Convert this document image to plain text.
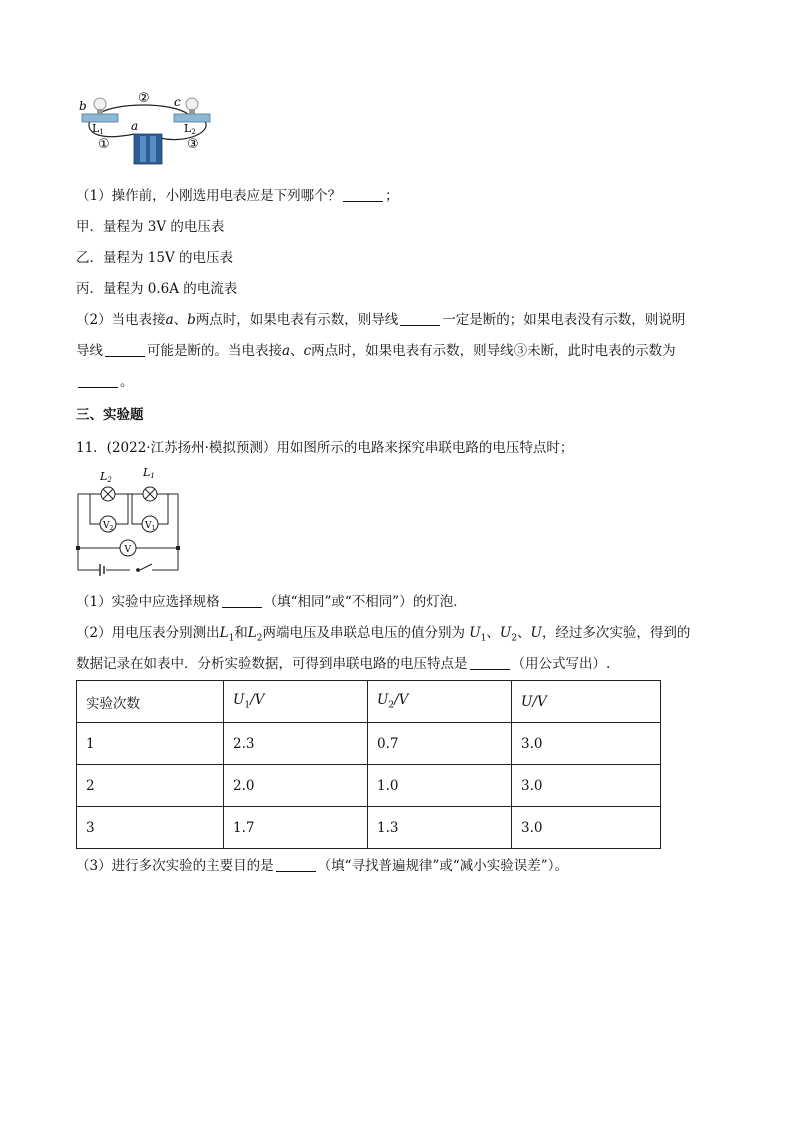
b	c
a
L1	L2
①
②
③
（1）操作前，小刚选用电表应是下列哪个？	；
甲．量程为 3V 的电压表
乙．量程为 15V 的电压表
丙．量程为 0.6A 的电流表
（2）当电表接a、b两点时，如果电表有示数，则导线	一定是断的；如果电表没有示数，则说明
导线	可能是断的。当电表接a、c两点时，如果电表有示数，则导线③未断，此时电表的示数为
。
三、实验题
11．(2022·江苏扬州·模拟预测）用如图所示的电路来探究串联电路的电压特点时；
L2
L1
$V_2$	$V_1$
V
（1）实验中应选择规格	（填“相同”或“不相同”）的灯泡．
（2）用电压表分别测出$L_1$和$L_2$两端电压及串联总电压的值分别为 $U_1$、$U_2$、U，经过多次实验，得到的
数据记录在如表中．分析实验数据，可得到串联电路的电压特点是	（用公式写出）.
实验次数	$U_1/V$	$U_2/V$	U/V
1	2.3	0.7	3.0
2	2.0	1.0	3.0
3	1.7	1.3	3.0
（3）进行多次实验的主要目的是	（填“寻找普遍规律”或“减小实验误差”）。
